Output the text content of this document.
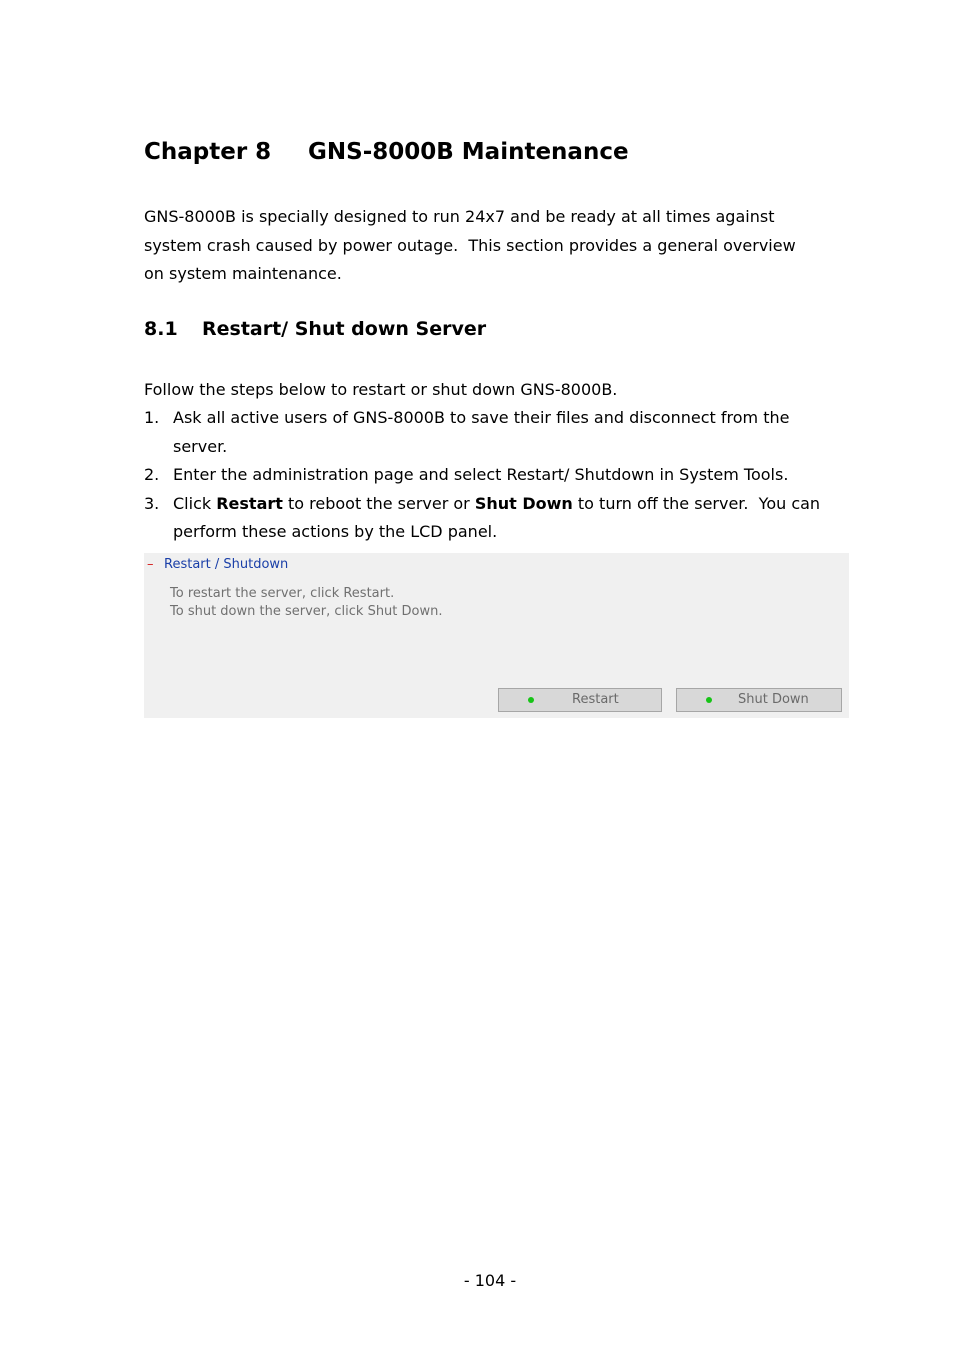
Chapter 8 GNS-8000B Maintenance

GNS-8000B is specially designed to run 24x7 and be ready at all times against
system crash caused by power outage.  This section provides a general overview
on system maintenance.

8.1 Restart/ Shut down Server

Follow the steps below to restart or shut down GNS-8000B.

1. Ask all active users of GNS-8000B to save their files and disconnect from the server.
2. Enter the administration page and select Restart/ Shutdown in System Tools.
3. Click Restart to reboot the server or Shut Down to turn off the server.  You can perform these actions by the LCD panel.
– Restart / Shutdown
To restart the server, click Restart.
To shut down the server, click Shut Down.
Restart	Shut Down
- 104 -
